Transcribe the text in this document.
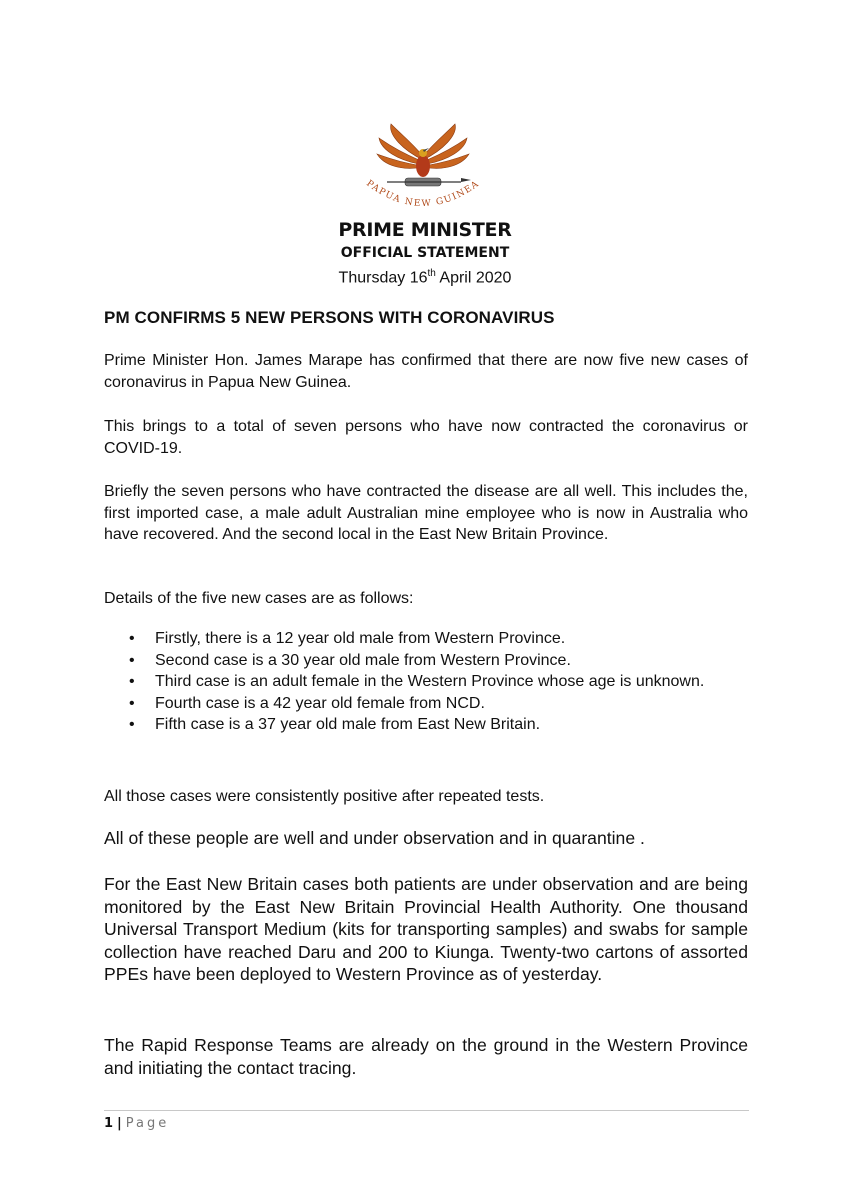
PAPUA NEW GUINEA
PRIME MINISTER
OFFICIAL STATEMENT
Thursday 16th April 2020
PM CONFIRMS 5 NEW PERSONS WITH CORONAVIRUS
Prime Minister Hon. James Marape has confirmed that there are now five new cases of coronavirus in Papua New Guinea.
This brings to a total of seven persons who have now contracted the coronavirus or COVID-19.
Briefly the seven persons who have contracted the disease are all well. This includes the, first imported case, a male adult Australian mine employee who is now in Australia who have recovered. And the second local in the East New Britain Province.
Details of the five new cases are as follows:
• Firstly, there is a 12 year old male from Western Province.
• Second case is a 30 year old male from Western Province.
• Third case is an adult female in the Western Province whose age is unknown.
• Fourth case is a 42 year old female from NCD.
• Fifth case is a 37 year old male from East New Britain.
All those cases were consistently positive after repeated tests.
All of these people are well and under observation and in quarantine .
For the East New Britain cases both patients are under observation and are being monitored by the East New Britain Provincial Health Authority. One thousand Universal Transport Medium (kits for transporting samples) and swabs for sample collection have reached Daru and 200 to Kiunga. Twenty-two cartons of assorted PPEs have been deployed to Western Province as of yesterday.
The Rapid Response Teams are already on the ground in the Western Province and initiating the contact tracing.
1 | Page
